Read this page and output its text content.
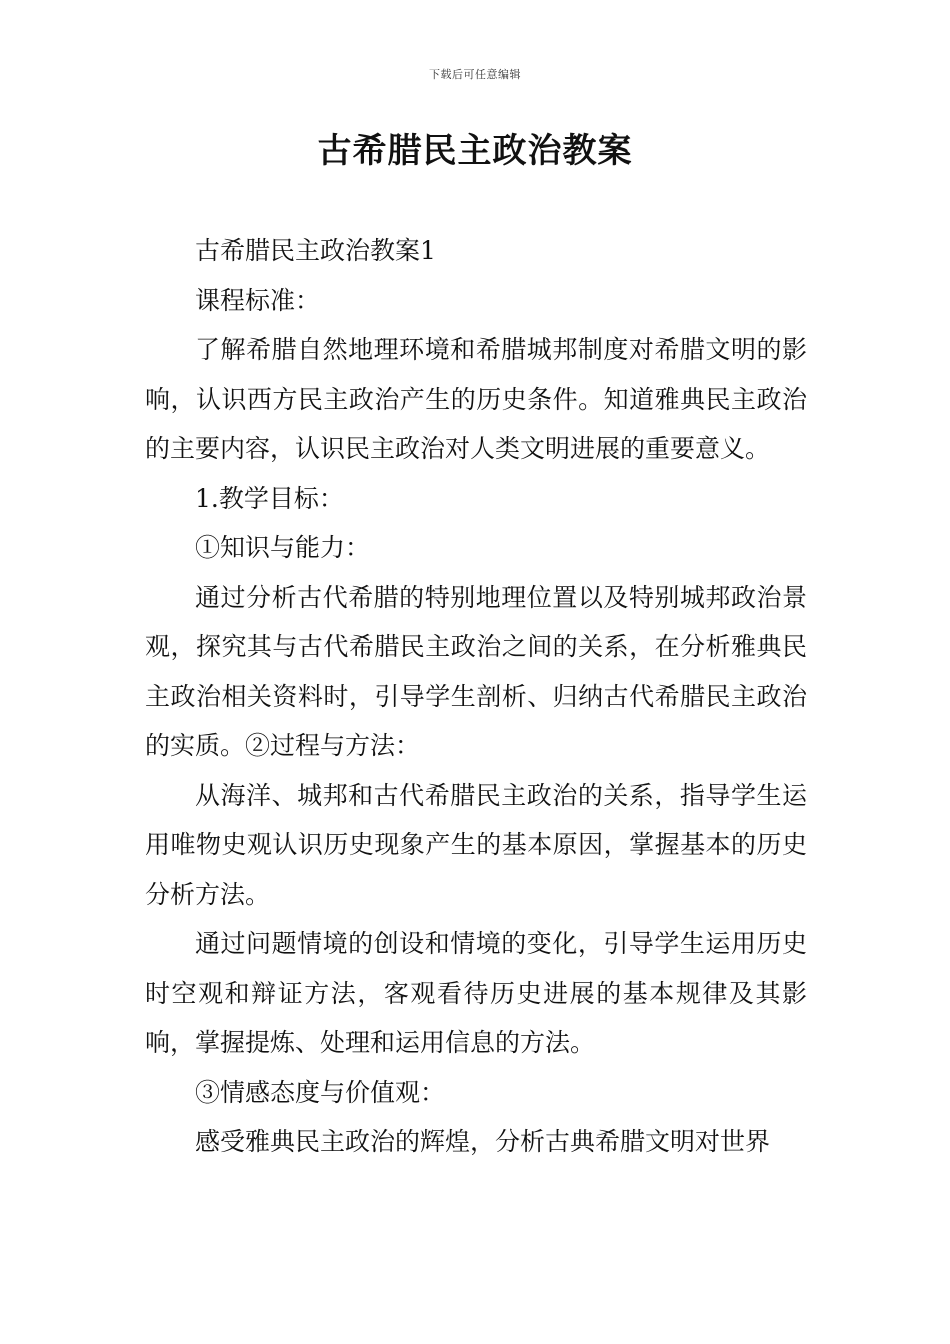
下载后可任意编辑
古希腊民主政治教案

古希腊民主政治教案1

课程标准：

了解希腊自然地理环境和希腊城邦制度对希腊文明的影响，认识西方民主政治产生的历史条件。知道雅典民主政治的主要内容，认识民主政治对人类文明进展的重要意义。

1.教学目标：

①知识与能力：

通过分析古代希腊的特别地理位置以及特别城邦政治景观，探究其与古代希腊民主政治之间的关系，在分析雅典民主政治相关资料时，引导学生剖析、归纳古代希腊民主政治的实质。②过程与方法：

从海洋、城邦和古代希腊民主政治的关系，指导学生运用唯物史观认识历史现象产生的基本原因，掌握基本的历史分析方法。

通过问题情境的创设和情境的变化，引导学生运用历史时空观和辩证方法，客观看待历史进展的基本规律及其影响，掌握提炼、处理和运用信息的方法。

③情感态度与价值观：

感受雅典民主政治的辉煌，分析古典希腊文明对世界
